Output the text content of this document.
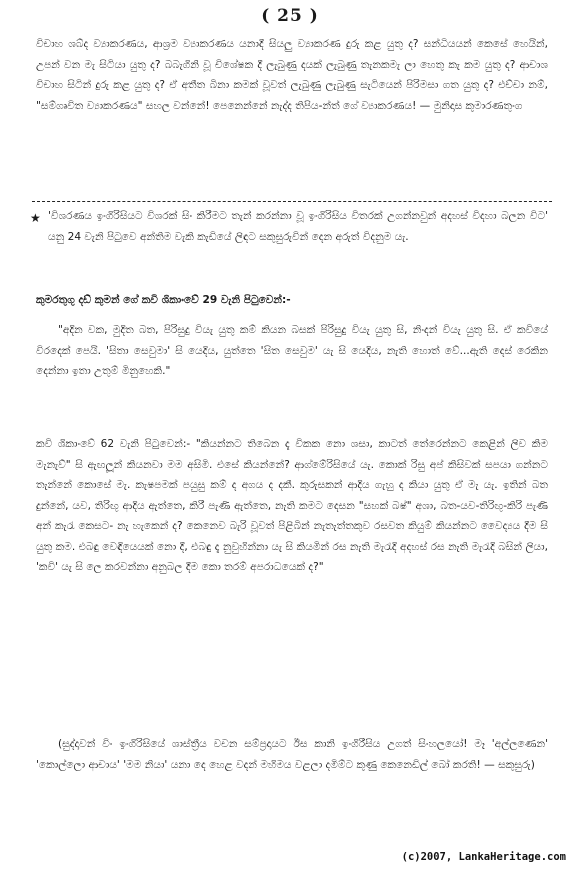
( 25 )

විචාහ ශබ්‍ද ව්‍යාකරණය, ආශ්‍රම ව්‍යාකරණය යනාදී සියලු ව්‍යාකරණ දුරු කළ යුතු ද? සන්ධියයන් කෙසේ හෙයින්, උපන් වන මැ සිටියා යුතු ද? බබැගිනි වූ චිශේෂක දී ලැබුණු දයක් ලැබුණු තැනකමැ ලා හෙතු කැ කම යුතු ද? ආචාශ විචාහ සිටින් දුරු කළ යුතු ද? ඒ අතීත බිනා කමක් වූවත් ලැබුණු ලැබුණු සැටියෙන් පිරිමසා ගත යුතු ද? එච්චා නම්, "සම්ගෘවිත ව්‍යාකරණය" සහල වන්නේ! පෙනෙන්නේ නැද්ද තිපිය-න්ත් ගේ ව්‍යාකරණය! — මුනිදාස කුමාරණතුංග

★ 'විශරණය ඉංගිරිසියට විශරක් සිං කිරීමට තැන් කරන්නා වූ ඉංගිරිසිය විතරක් උගන්නවුන් අදහස් විදහා බලන විට' යනු 24 වැනි පිටුවෙ අන්තිම වැකි කැඩියේ ලිඳට සකුසුරුවින් දෙන අරුත් විදනුම යැ.

කුමරතුගු දඩ් කුමන් ගේ කවි ශිකාංවේ 29 වැනි පිටුවෙන්:-

"අදින වක, මුදිත බත, පිරිසුදු වියැ යුතු කම් කියන බසක් පිරිසුදු වියැ යුතු සි, නිංදන් වියැ යුතු සි. ඒ කවියේ විරදෙක් පෙයි. 'සිතා සෙවුමා' සි යෙදිය, යුත්තෙ 'සිත සෙවුම' යැ සි යෙදිය, නැති හොත් වේ...ඇති දෙස් රෙකින දෙන්නා ඉතා උතුම් මිනුහෙකි."

කවි ශිකාංවේ 62 වැනි පිටුවෙන්:- "කියන්නට තිබෙන දැ විකක නො ශසා, කාටත් තේරෙන්නට කෙළින් ලිව කිම මැනැව්" සි ඇඟලූන් කියනවා මම අසිමි. එසේ කියන්නේ? ආග්මේරිසියේ යැ. කොක් රිසු අප් කිසිවක් සපයා ගන්නට තැන්නේ කොසේ මැ. කැෂපමක් පයුසු කම් ද අගය ද දකී. කුරුසකන් ආදිය ගැහු ද කියා යුතු ඒ මැ යැ. ඉතින් බත දුන්නේ, යව, තිරිඟු ආදිය ඇත්තෙ, කිරී පැණි ඇත්තෙ, නැති කමට දෙසන "සහක් බෂ්" අශා, බත-යව-තිරිඟු-කිරි පැණි අන් කැරැ කෙසට- නැ හැකෙන් ද? කෙනෙව බැරි වූවත් පිළිබින් නැතැත්තකුව රසවත කියුම් කියන්නට වෛද්‍යය දීම සි යුතු කම. එබඳු වෙඳියෙයක් නො දී, එබඳු දැ නුවුහින්නා යැ සි කියමින් රස නැති මැරැදි අදහස් රස නැති මැරැදි බසින් ලියා, 'කවි' යැ සි ලෙ කරවන්නා අනුබල දීම කො තරම් අපරාධයෙක් ද?"

(සුද්දාවන් විං ඉංගිරිසියේ ශාස්ත්‍රීය වචන සම්ප්‍රදායට ඊස කානි ඉංගිරීසිය උගත් සිංහලයෝ! මෑ 'අල්ලණෙන' 'කොල්ලො ආචාය' 'මම නියා' යනා දෙ හෙළ වදන් මහිමය වළලා දමිම්ට කුණු කෙනෙඩිල් බෝ කරති! — සකුසුරු)

(c)2007, LankaHeritage.com
